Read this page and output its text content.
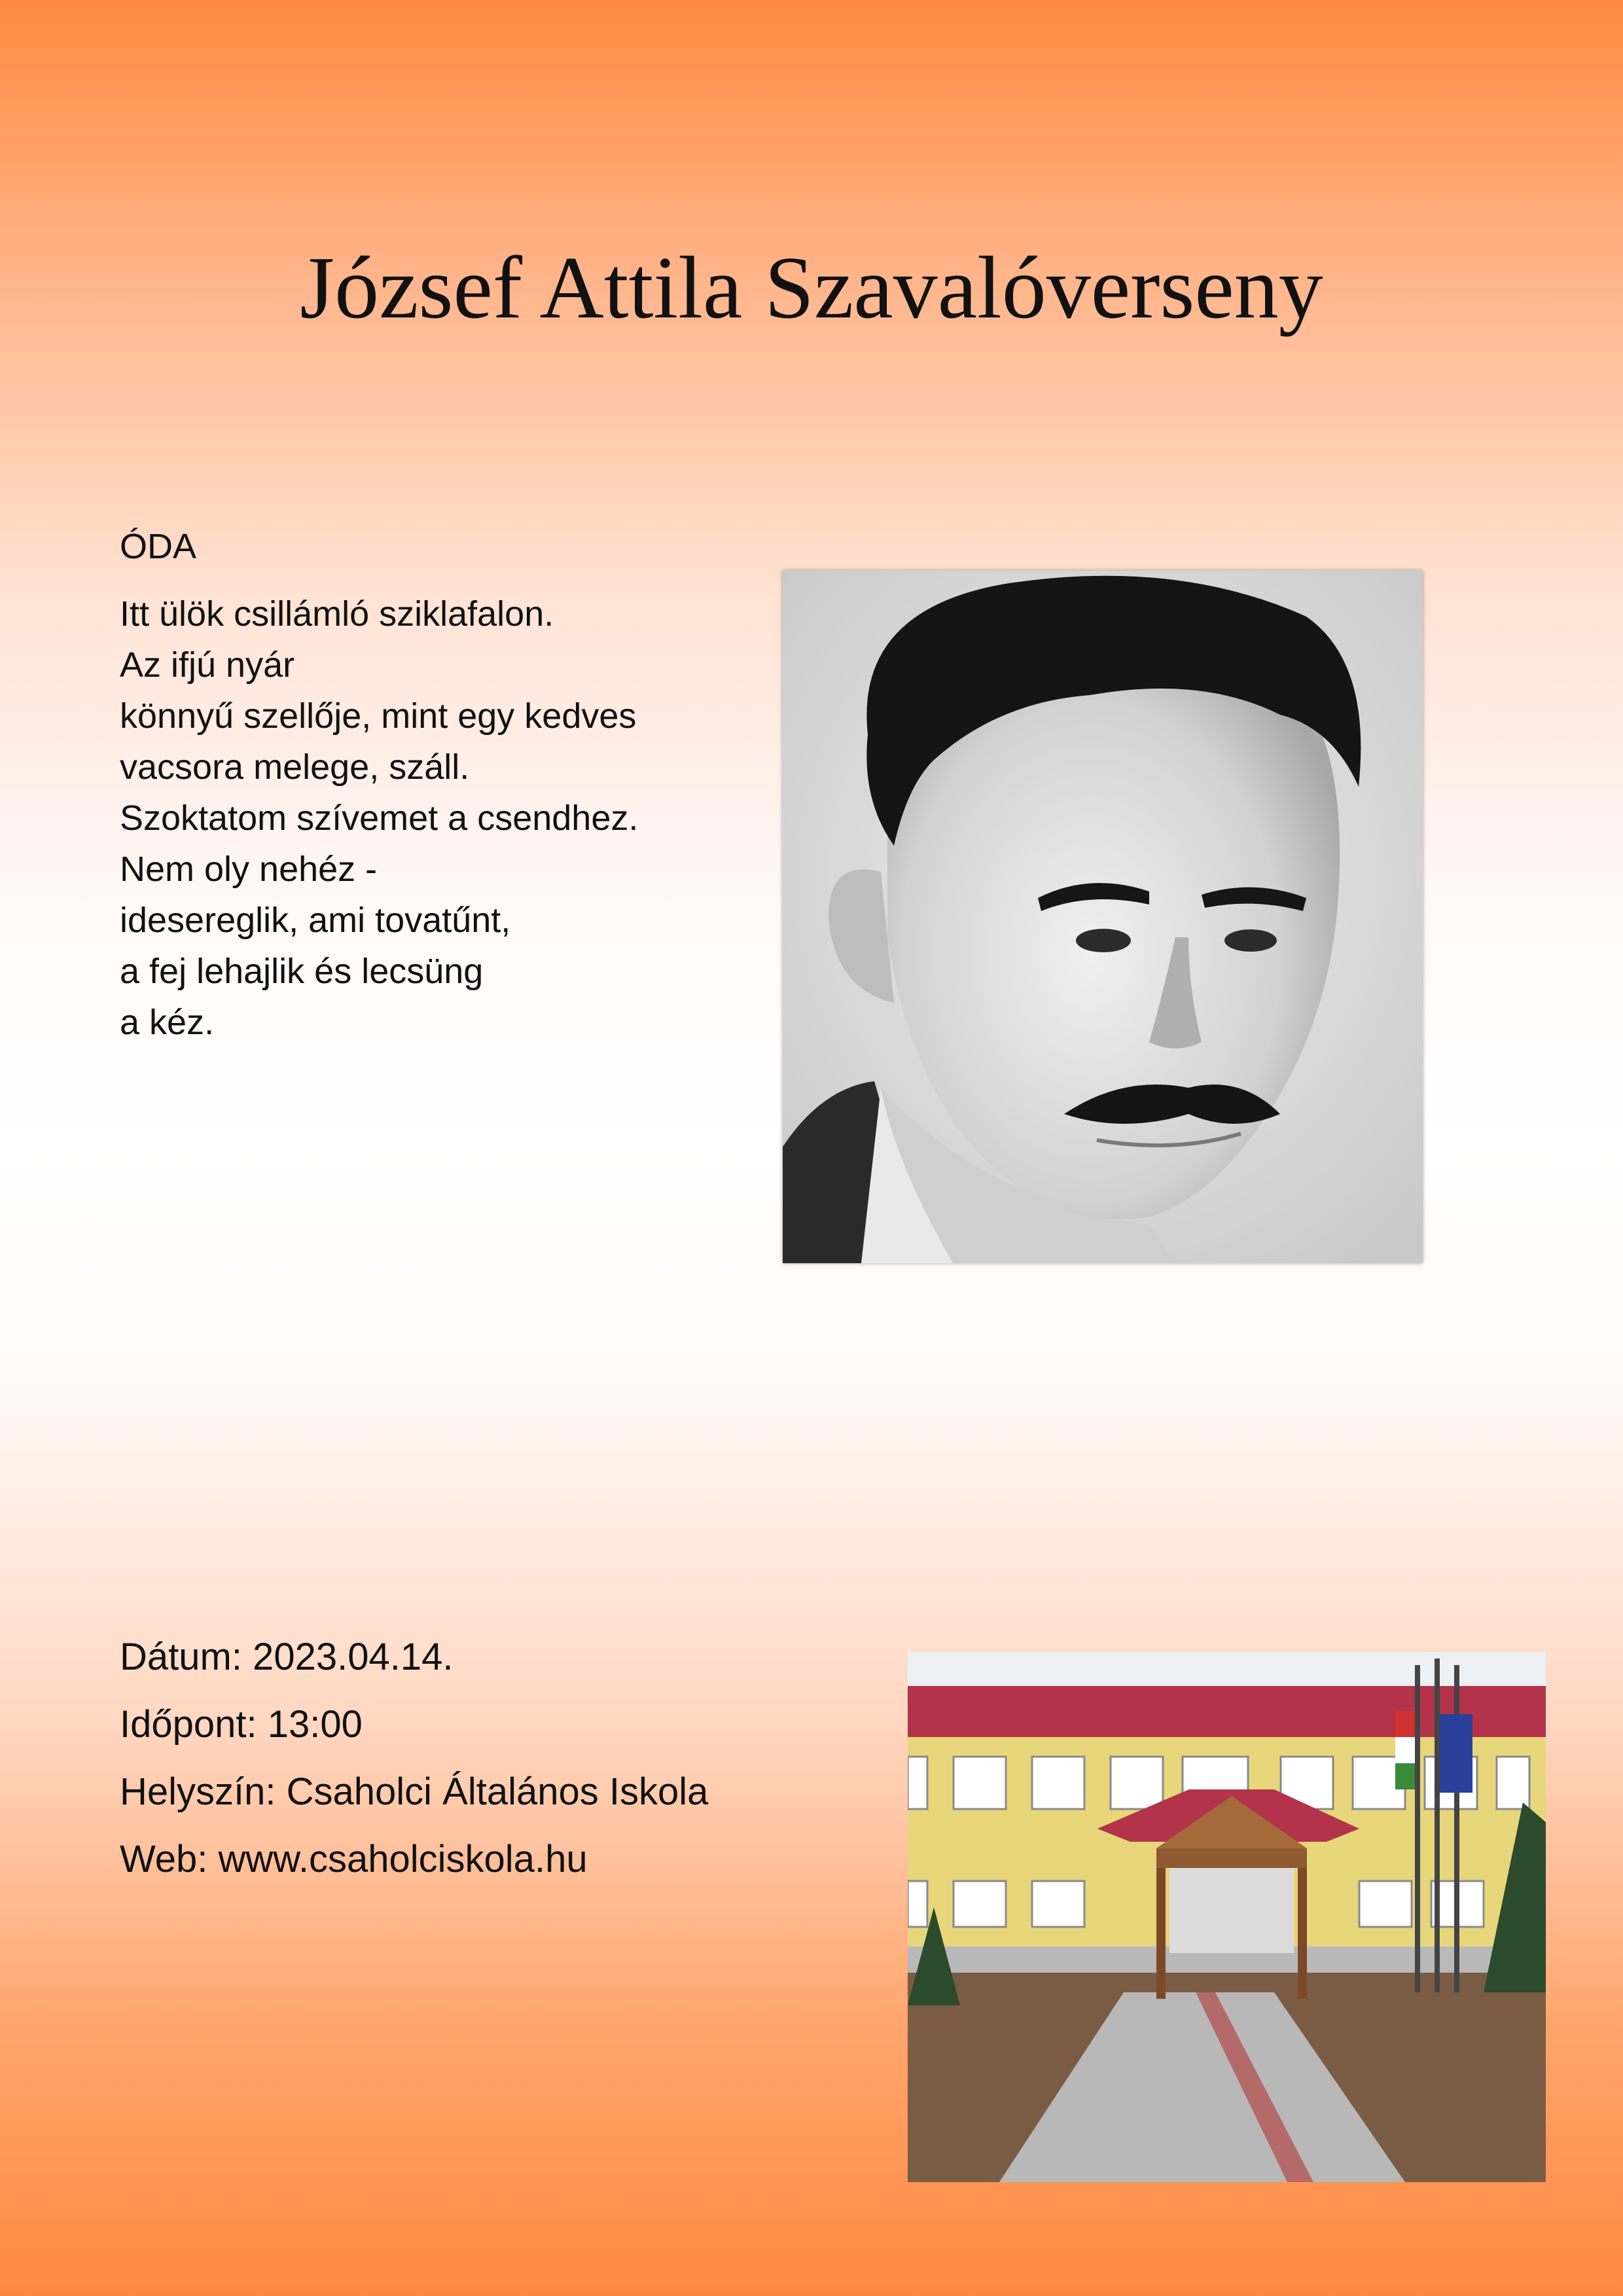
József Attila Szavalóverseny

ÓDA

Itt ülök csillámló sziklafalon.
Az ifjú nyár
könnyű szellője, mint egy kedves
vacsora melege, száll.
Szoktatom szívemet a csendhez.
Nem oly nehéz -
idesereglik, ami tovatűnt,
a fej lehajlik és lecsüng
a kéz.
Dátum: 2023.04.14.
Időpont: 13:00
Helyszín: Csaholci Általános Iskola
Web: www.csaholciskola.hu
